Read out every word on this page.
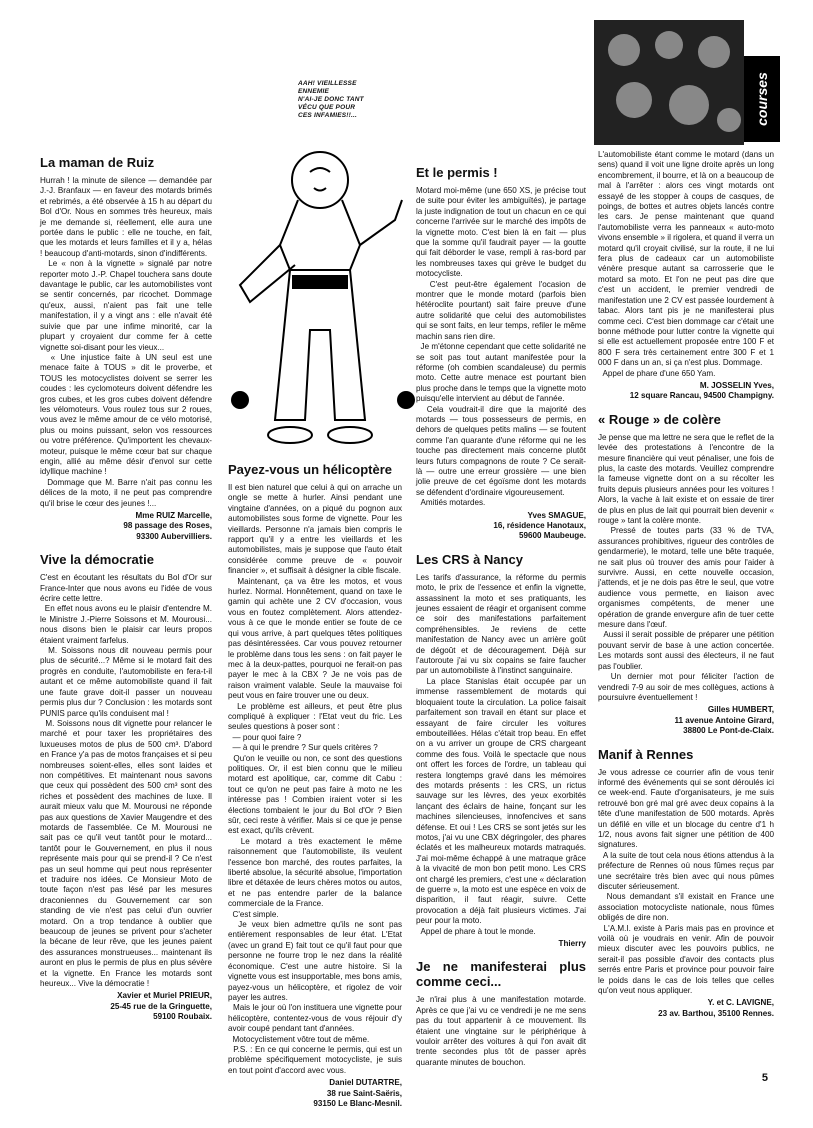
AAH! VIEILLESSE
ENNEMIE
N'AI-JE DONC TANT
VÉCU QUE POUR
CES INFAMIES!!...	courses
La maman de Ruiz

Hurrah ! la minute de silence — demandée par J.-J. Branfaux — en faveur des motards brimés et rebrimés, a été observée à 15 h au départ du Bol d'Or. Nous en sommes très heureux, mais je me demande si, réellement, elle aura une portée dans le public : elle ne touche, en fait, que les motards et leurs familles et il y a, hélas ! beaucoup d'anti-motards, sinon d'indifférents.
Le « non à la vignette » signalé par notre reporter moto J.-P. Chapel touchera sans doute davantage le public, car les automobilistes vont se sentir concernés, par ricochet. Dommage qu'eux, aussi, n'aient pas fait une telle manifestation, il y a vingt ans : elle n'avait été suivie que par une infime minorité, car la plupart y croyaient dur comme fer à cette vignette soi-disant pour les vieux...
« Une injustice faite à UN seul est une menace faite à TOUS » dit le proverbe, et TOUS les motocyclistes doivent se serrer les coudes : les cyclomoteurs doivent défendre les gros cubes, et les gros cubes doivent défendre les vélomoteurs. Vous roulez tous sur 2 roues, vous avez le même amour de ce vélo motorisé, plus ou moins puissant, selon vos ressources ou votre préférence. Qu'importent les chevaux-moteur, puisque le même cœur bat sur chaque engin, allié au même désir d'envol sur cette idyllique machine !
Dommage que M. Barre n'ait pas connu les délices de la moto, il ne peut pas comprendre qu'il brise le cœur des jeunes !...

Mme RUIZ Marcelle,
98 passage des Roses,
93300 Aubervilliers.
Vive la démocratie

C'est en écoutant les résultats du Bol d'Or sur France-Inter que nous avons eu l'idée de vous écrire cette lettre.
En effet nous avons eu le plaisir d'entendre M. le Ministre J.-Pierre Soissons et M. Mourousi... nous disons bien le plaisir car leurs propos étaient vraiment farfelus.
M. Soissons nous dit nouveau permis pour plus de sécurité...? Même si le motard fait des progrès en conduite, l'automobiliste en fera-t-il autant et ce même automobiliste quand il fait une faute grave doit-il passer un nouveau permis plus dur ? Conclusion : les motards sont PUNIS parce qu'ils conduisent mal !
M. Soissons nous dit vignette pour relancer le marché et pour taxer les propriétaires des luxueuses motos de plus de 500 cm³. D'abord en France y'a pas de motos françaises et si peu nombreuses soient-elles, elles sont laides et non compétitives. Et maintenant nous savons que ceux qui possèdent des 500 cm³ sont des riches et possèdent des machines de luxe. Il aurait mieux valu que M. Mourousi ne réponde pas aux questions de Xavier Maugendre et des motards de l'assemblée. Ce M. Mourousi ne sait pas ce qu'il veut tantôt pour le motard... tantôt pour le Gouvernement, en plus il nous représente mais pour qui se prend-il ? Ce n'est pas un seul homme qui peut nous représenter et traduire nos idées. Ce Monsieur Moto de toute façon n'est pas lésé par les mesures draconiennes du Gouvernement car son standing de vie n'est pas celui d'un ouvrier motard. On a trop tendance à oublier que beaucoup de jeunes se privent pour s'acheter la bécane de leur rêve, que les jeunes paient des assurances monstrueuses... maintenant ils auront en plus le permis de plus en plus sévère et la vignette. En France les motards sont heureux... Vive la démocratie !

Xavier et Muriel PRIEUR,
25-45 rue de la Gringuette,
59100 Roubaix.
Payez-vous un hélicoptère

Il est bien naturel que celui à qui on arrache un ongle se mette à hurler. Ainsi pendant une vingtaine d'années, on a piqué du pognon aux automobilistes sous forme de vignette. Pour les vieillards. Personne n'a jamais bien compris le rapport qu'il y a entre les vieillards et les automobilistes, mais je suppose que l'auto était considérée comme preuve de « pouvoir financier », et suffisait à désigner la cible fiscale.
Maintenant, ça va être les motos, et vous hurlez. Normal. Honnêtement, quand on taxe le gamin qui achète une 2 CV d'occasion, vous vous en foutez complètement. Alors attendez-vous à ce que le monde entier se foute de ce qui vous arrive, à part quelques têtes politiques pas désintéressées. Car vous pouvez retourner le problème dans tous les sens : on fait payer le mec à la deux-pattes, pourquoi ne ferait-on pas payer le mec à la CBX ? Je ne vois pas de raison vraiment valable. Seule la mauvaise foi peut vous en faire trouver une ou deux.
Le problème est ailleurs, et peut être plus compliqué à expliquer : l'Etat veut du fric. Les seules questions à poser sont :
— pour quoi faire ?
— à qui le prendre ? Sur quels critères ?
Qu'on le veuille ou non, ce sont des questions politiques. Or, il est bien connu que le milieu motard est apolitique, car, comme dit Cabu : tout ce qu'on ne peut pas faire à moto ne les intéresse pas ! Combien iraient voter si les élections tombaient le jour du Bol d'Or ? Bien sûr, ceci reste à vérifier. Mais si ce que je pense est exact, qu'ils crèvent.
Le motard a très exactement le même raisonnement que l'automobiliste, ils veulent l'essence bon marché, des routes parfaites, la liberté absolue, la sécurité absolue, l'importation libre et détaxée de leurs chères motos ou autos, et ne pas entendre parler de la balance commerciale de la France.
C'est simple.
Je veux bien admettre qu'ils ne sont pas entièrement responsables de leur état. L'Etat (avec un grand E) fait tout ce qu'il faut pour que personne ne fourre trop le nez dans la réalité économique. C'est une autre histoire. Si la vignette vous est insupportable, mes bons amis, payez-vous un hélicoptère, et rigolez de voir payer les autres.
Mais le jour où l'on instituera une vignette pour hélicoptère, contentez-vous de vous réjouir d'y avoir coupé pendant tant d'années.
Motocyclistement vôtre tout de même.
P.S. : En ce qui concerne le permis, qui est un problème spécifiquement motocycliste, je suis en tout point d'accord avec vous.

Daniel DUTARTRE,
38 rue Saint-Saëris,
93150 Le Blanc-Mesnil.
Et le permis !

Motard moi-même (une 650 XS, je précise tout de suite pour éviter les ambiguïtés), je partage la juste indignation de tout un chacun en ce qui concerne l'arrivée sur le marché des impôts de la vignette moto. C'est bien là en fait — plus que la somme qu'il faudrait payer — la goutte qui fait déborder le vase, rempli à ras-bord par les nombreuses taxes qui grève le budget du motocycliste.
C'est peut-être également l'ocasion de montrer que le monde motard (parfois bien hétéroclite pourtant) sait faire preuve d'une autre solidarité que celui des automobilistes qui se sont faits, en leur temps, refiler le même machin sans rien dire.
Je m'étonne cependant que cette solidarité ne se soit pas tout autant manifestée pour la réforme (oh combien scandaleuse) du permis moto. Cette autre menace est pourtant bien plus proche dans le temps que la vignette moto puisqu'elle intervient au début de l'année.
Cela voudrait-il dire que la majorité des motards — tous possesseurs de permis, en dehors de quelques petits malins — se foutent comme l'an quarante d'une réforme qui ne les touche pas directement mais concerne plutôt leurs futurs compagnons de route ? Ce serait-là — outre une erreur grossière — une bien jolie preuve de cet égoïsme dont les motards se défendent d'ordinaire vigoureusement.
Amitiés motardes.

Yves SMAGUE,
16, résidence Hanotaux,
59600 Maubeuge.
Les CRS à Nancy

Les tarifs d'assurance, la réforme du permis moto, le prix de l'essence et enfin la vignette, assassinent la moto et ses pratiquants, les jeunes essaient de réagir et organisent comme ce soir des manifestations parfaitement compréhensibles. Je reviens de cette manifestation de Nancy avec un arrière goût de dégoût et de découragement. Déjà sur l'autoroute j'ai vu six copains se faire faucher par un automobiliste à l'instinct sanguinaire.
La place Stanislas était occupée par un immense rassemblement de motards qui bloquaient toute la circulation. La police faisait parfaitement son travail en étant sur place et essayant de faire circuler les voitures embouteillées. Hélas c'était trop beau. En effet on a vu arriver un groupe de CRS chargeant comme des fous. Voilà le spectacle que nous ont offert les forces de l'ordre, un tableau qui restera longtemps gravé dans les mémoires des motards présents : les CRS, un rictus sauvage sur les lèvres, des yeux exorbités lançant des éclairs de haine, fonçant sur les machines silencieuses, innofencives et sans défense. Et oui ! Les CRS se sont jetés sur les motos, j'ai vu une CBX dégringoler, des phares éclatés et les malheureux motards matraqués. J'ai moi-même échappé à une matraque grâce à la vivacité de mon bon petit mono. Les CRS ont chargé les premiers, c'est une « déclaration de guerre », la moto est une espèce en voix de disparition, il faut réagir, suivre. Cette provocation a déjà fait plusieurs victimes. J'ai peur pour la moto.
Appel de phare à tout le monde.

Thierry
Je ne manifesterai plus comme ceci...

Je n'irai plus à une manifestation motarde. Après ce que j'ai vu ce vendredi je ne me sens pas du tout appartenir à ce mouvement. Ils étaient une vingtaine sur le périphérique à vouloir arrêter des voitures à qui l'on avait dit trente secondes plus tôt de passer après quarante minutes de bouchon.

L'automobiliste étant comme le motard (dans un sens) quand il voit une ligne droite après un long encombrement, il bourre, et là on a beaucoup de mal à l'arrêter : alors ces vingt motards ont essayé de les stopper à coups de casques, de poings, de bottes et autres objets lancés contre les cars. Je pense maintenant que quand l'automobiliste verra les panneaux « auto-moto vivons ensemble » il rigolera, et quand il verra un motard qu'il croyait civilisé, sur la route, il ne lui fera plus de cadeaux car un automobiliste vénère presque autant sa carrosserie que le motard sa moto. Et l'on ne peut pas dire que c'est un accident, le premier vendredi de manifestation une 2 CV est passée lourdement à tabac. Alors tant pis je ne manifesterai plus comme ceci. C'est bien dommage car c'était une bonne méthode pour lutter contre la vignette qui si elle est actuellement proposée entre 100 F et 800 F sera très certainement entre 300 F et 1 000 F dans un an, si ça n'est plus. Dommage.
Appel de phare d'une 650 Yam.

M. JOSSELIN Yves,
12 square Rancau, 94500 Champigny.
« Rouge » de colère

Je pense que ma lettre ne sera que le reflet de la levée des protestations à l'encontre de la mesure financière qui veut pénaliser, une fois de plus, la caste des motards. Veuillez comprendre la fameuse vignette dont on a su récolter les fruits depuis plusieurs années pour les voitures ! Alors, la vache à lait existe et on essaie de tirer de plus en plus de lait qui pourrait bien devenir « rouge » tant la colère monte.
Pressé de toutes parts (33 % de TVA, assurances prohibitives, rigueur des contrôles de gendarmerie), le motard, telle une bête traquée, ne sait plus où trouver des amis pour l'aider à survivre. Aussi, en cette nouvelle occasion, j'attends, et je ne dois pas être le seul, que votre audience vous permette, en liaison avec organismes compétents, de mener une opération de grande envergure afin de tuer cette mesure dans l'œuf.
Aussi il serait possible de préparer une pétition pouvant servir de base à une action concertée. Les motards sont aussi des électeurs, il ne faut pas l'oublier.
Un dernier mot pour féliciter l'action de vendredi 7-9 au soir de mes collègues, actions à poursuivre éventuellement !

Gilles HUMBERT,
11 avenue Antoine Girard,
38800 Le Pont-de-Claix.
Manif à Rennes

Je vous adresse ce courrier afin de vous tenir informé des événements qui se sont déroulés ici ce week-end. Faute d'organisateurs, je me suis retrouvé bon gré mal gré avec deux copains à la tête d'une manifestation de 500 motards. Après un défilé en ville et un blocage du centre d'1 h 1/2, nous avons fait signer une pétition de 400 signatures.
A la suite de tout cela nous étions attendus à la préfecture de Rennes où nous fûmes reçus par une secrétaire très bien avec qui nous pûmes discuter sérieusement.
Nous demandant s'il existait en France une association motocycliste nationale, nous fûmes obligés de dire non.
L'A.M.I. existe à Paris mais pas en province et voilà où je voudrais en venir. Afin de pouvoir mieux discuter avec les pouvoirs publics, ne serait-il pas possible d'avoir des contacts plus serrés entre Paris et province pour pouvoir faire le poids dans le cas de lois telles que celles qu'on veut nous appliquer.

Y. et C. LAVIGNE,
23 av. Barthou, 35100 Rennes.
5
